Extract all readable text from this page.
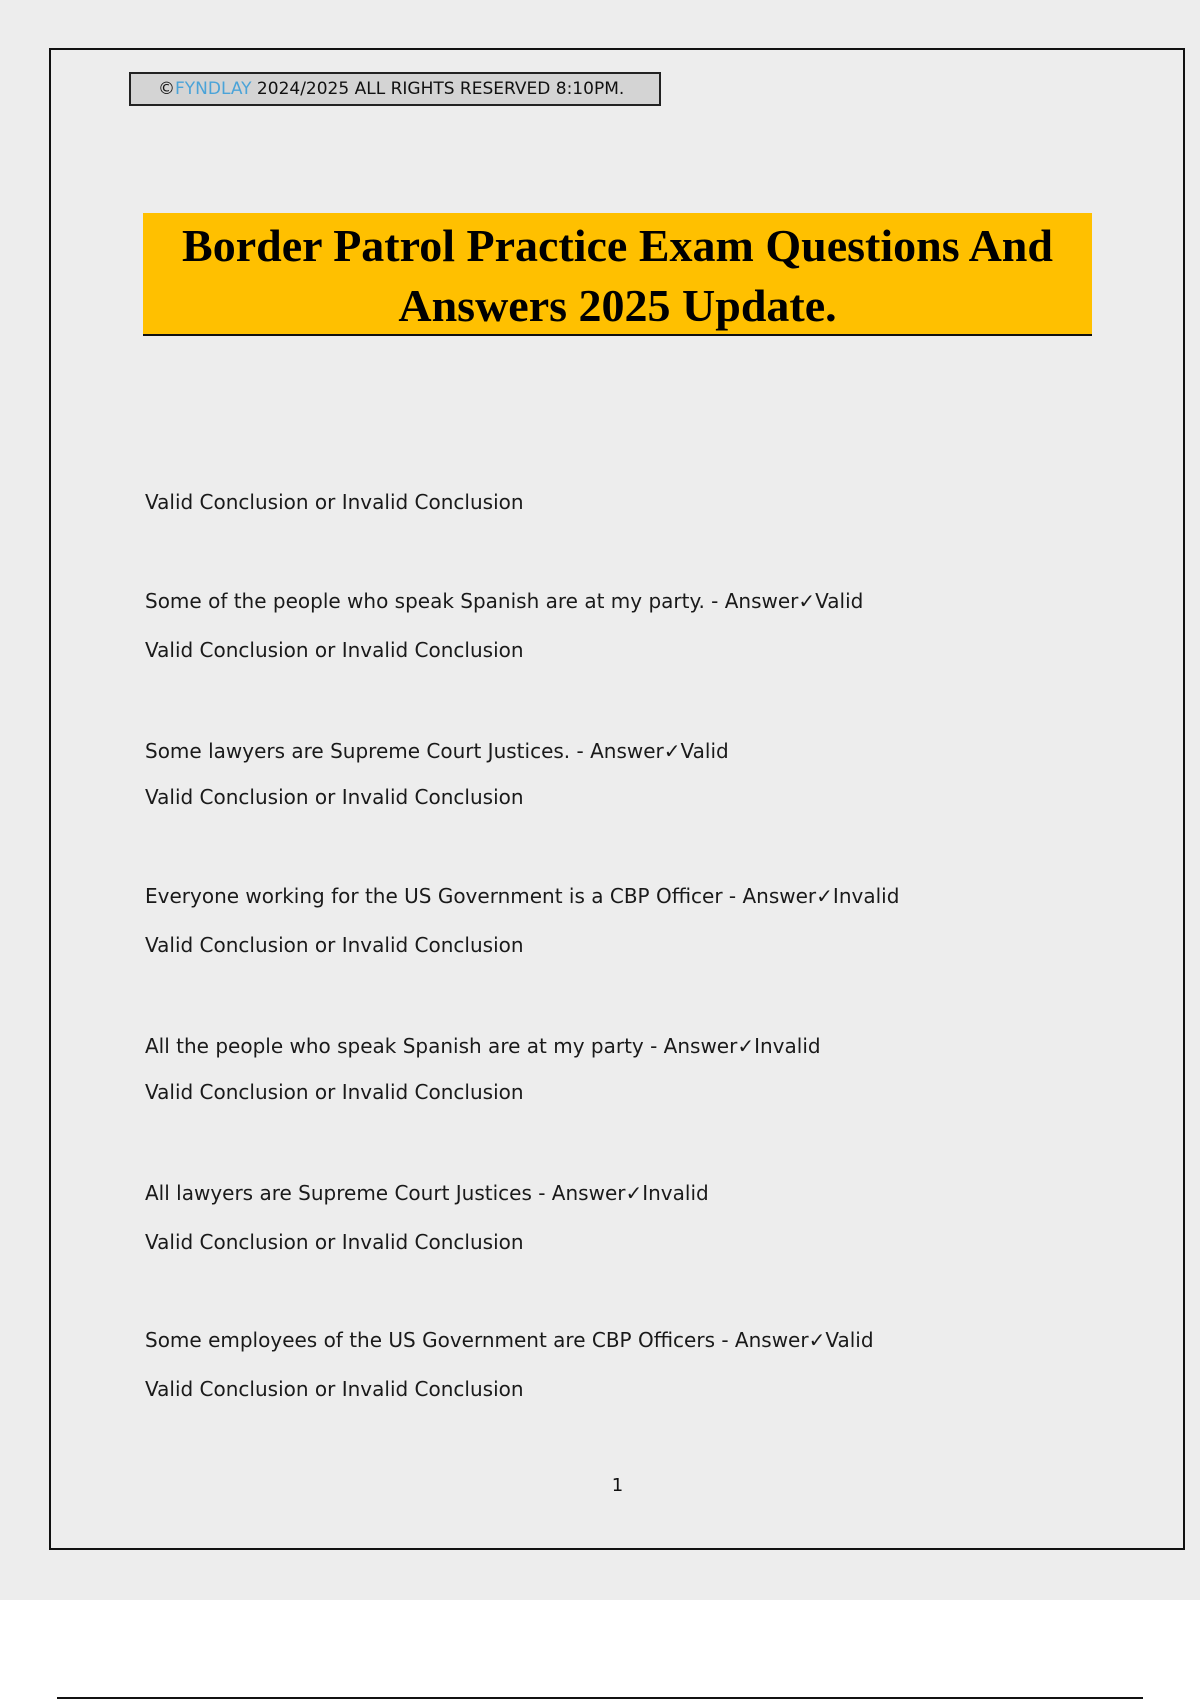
©FYNDLAY 2024/2025 ALL RIGHTS RESERVED 8:10PM.
Border Patrol Practice Exam Questions And
Answers 2025 Update.
Valid Conclusion or Invalid Conclusion
Some of the people who speak Spanish are at my party. - Answer✓Valid
Valid Conclusion or Invalid Conclusion
Some lawyers are Supreme Court Justices. - Answer✓Valid
Valid Conclusion or Invalid Conclusion
Everyone working for the US Government is a CBP Officer - Answer✓Invalid
Valid Conclusion or Invalid Conclusion
All the people who speak Spanish are at my party - Answer✓Invalid
Valid Conclusion or Invalid Conclusion
All lawyers are Supreme Court Justices - Answer✓Invalid
Valid Conclusion or Invalid Conclusion
Some employees of the US Government are CBP Officers - Answer✓Valid
Valid Conclusion or Invalid Conclusion
1
